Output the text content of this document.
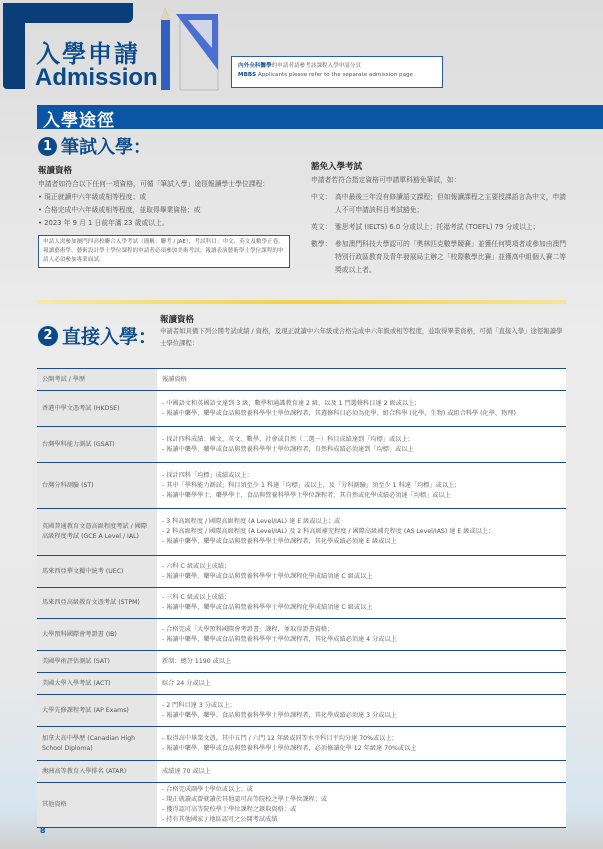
入學申請
Admission	內外全科醫學的申請者請參考該課程入學申請分頁
MBBS Applicants please refer to the separate admission page
入學途徑
1 筆試入學：
報讀資格
申請者如符合以下任何一項資格，可循「筆試入學」途徑報讀學士學位課程：
• 現正就讀中六年級或相等程度；或
• 合格完成中六年級或相等程度，並取得畢業資格；或
• 2023 年 9 月 1 日前年滿 23 歲或以上。
申請人需參加澳門四高校聯合入學考試（簡稱：聯考 / JAE），考試科目：中文、英文及數學正卷。報讀藝術學、藝術設計學士學位課程的申請者必須參加美術考試；報讀表演藝術學士學位課程的申請人必須參加專業面試。
豁免入學考試
申請者若符合指定資格可申請單科豁免筆試，如：
中文： 高中最後三年沒有修讀語文課程；但如報讀課程之主要授課語言為中文，申請人不可申請該科目考試豁免；
英文： 雅思考試 (IELTS) 6.0 分或以上；托福考試 (TOEFL) 79 分或以上；
數學： 參加澳門科技大學認可的「奧林匹克數學競賽」並獲任何獎項者或參加由澳門特別行政區教育及青年發展局主辦之「校際數學比賽」並獲高中組個人賽二等獎或以上者。
2 直接入學：
報讀資格
申請者如具備下列公開考試成績 / 資格，及現正就讀中六年級或合格完成中六年級或相等程度，並取得畢業資格，可循「直接入學」途徑報讀學士學位課程：
公開考試 / 學歷	報讀資格
香港中學文憑考試 (HKDSE)	- 中國語文和英國語文達到 3 級，數學和通識教育達 2 級，以及 1 門選修科目達 2 級或以上；
- 報讀中藥學、藥學或食品與營養科學學士學位課程者，其選修科目必須為化學、組合科學 (化學、生物) 或組合科學 (化學、物理)

台灣學科能力測試 (GSAT)	- 採計四科成績：國文、英文、數學、社會或自然（二選一）科目成績達到「均標」或以上；
- 報讀中藥學、藥學或食品與營養科學學士學位課程者，自然科成績必須達到「均標」或以上

台灣分科測驗 (ST)	- 採計四科「均標」成績或以上：
- 其中「學科能力測試」科目須至少 1 科達「均標」或以上，及「分科測驗」須至少 1 科達「均標」或以上；
- 報讀中藥學學士、藥學學士、食品與營養科學學士學位課程者，其自然或化學成績必須達「均標」或以上

英國普通教育文憑高級程度考試 / 國際高級程度考試 (GCE A Level / IAL)	- 3 科高級程度 / 國際高級程度 (A Level/IAL) 達 E 級或以上；或
- 2 科高級程度 / 國際高級程度 (A Level/IAL) 及 2 科高級補充程度 / 國際高級補充程度 (AS Level/IAS) 達 E 級或以上；
- 報讀中藥學、藥學或食品與營養科學學士學位課程者，其化學成績必須達 E 級或以上

馬來西亞華文獨中統考 (UEC)	- 六科 C 級或以上成績；
- 報讀中藥學、藥學或食品與營養科學學士學位課程化學成績須達 C 級或以上

馬來西亞高級教育文憑考試 (STPM)	- 三科 C 級或以上成績；
- 報讀中藥學、藥學或食品與營養科學學士學位課程化學成績須達 C 級或以上

大學預科國際會考證書 (IB)	- 合格完成「大學預科國際會考證書」課程，並取得證書資格；
- 報讀中藥學、藥學或食品與營養科學學士學位課程者，其化學成績必須達 4 分或以上

美國學術評估測試 (SAT)	新制：總分 1190 或以上

美國大學入學考試 (ACT)	綜合 24 分或以上

大學先修課程考試 (AP Exams)	- 2 門科目達 3 分或以上；
- 報讀中藥學、藥學、食品與營養科學學士學位課程者，其化學成績必須達 3 分或以上

加拿大高中學歷 (Canadian High School Diploma)	- 取得高中畢業文憑，其中五門 / 六門 12 年級或同等水平科目平均分達 70%或以上；
- 報讀中藥學、藥學或食品與營養科學學士學位課程者，必須修讀化學 12 年級達 70%或以上

澳洲高等教育入學排名 (ATAR)	成績達 70 或以上

其他資格	- 合格完成副學士學位或以上；或
- 現正就讀或曾就讀於其他認可高等院校之學士學位課程；或
- 獲得認可高等院校學士學位課程之錄取資格；或
- 持有其他國家 / 地區認可之公開考試成績
8
